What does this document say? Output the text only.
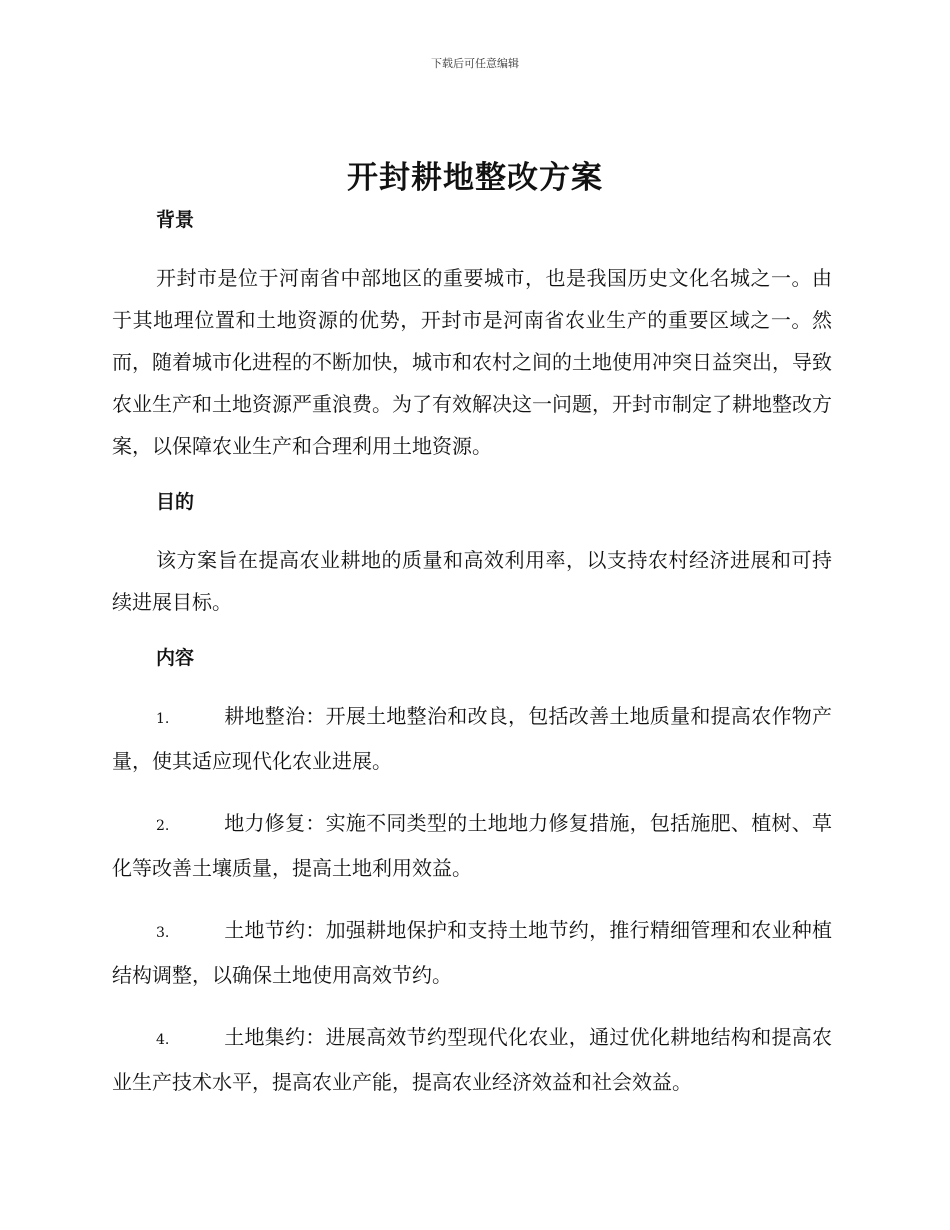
下载后可任意编辑
开封耕地整改方案
背景

开封市是位于河南省中部地区的重要城市，也是我国历史文化名城之一。由于其地理位置和土地资源的优势，开封市是河南省农业生产的重要区域之一。然而，随着城市化进程的不断加快，城市和农村之间的土地使用冲突日益突出，导致农业生产和土地资源严重浪费。为了有效解决这一问题，开封市制定了耕地整改方案，以保障农业生产和合理利用土地资源。

目的

该方案旨在提高农业耕地的质量和高效利用率，以支持农村经济进展和可持续进展目标。

内容

1.	耕地整治：开展土地整治和改良，包括改善土地质量和提高农作物产量，使其适应现代化农业进展。

2.	地力修复：实施不同类型的土地地力修复措施，包括施肥、植树、草化等改善土壤质量，提高土地利用效益。

3.	土地节约：加强耕地保护和支持土地节约，推行精细管理和农业种植结构调整，以确保土地使用高效节约。

4.	土地集约：进展高效节约型现代化农业，通过优化耕地结构和提高农业生产技术水平，提高农业产能，提高农业经济效益和社会效益。
